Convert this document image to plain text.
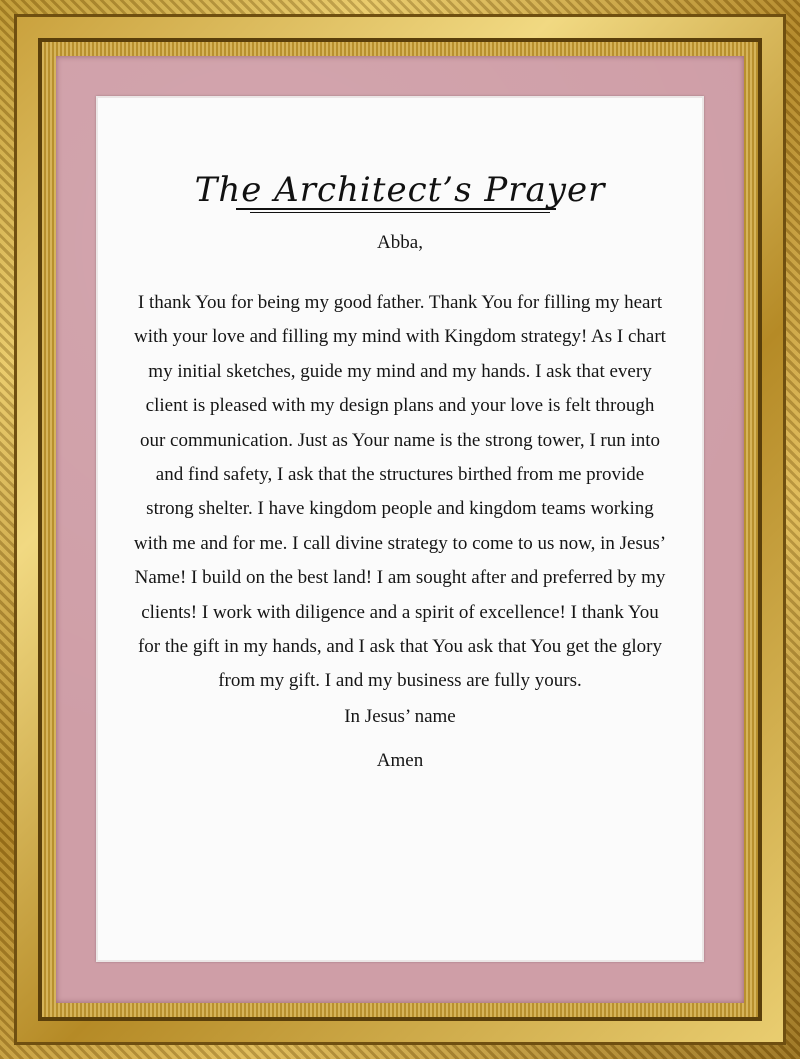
The Architect’s Prayer
Abba,
I thank You for being my good father. Thank You for filling my heart
with your love and filling my mind with Kingdom strategy! As I chart
my initial sketches, guide my mind and my hands. I ask that every
client is pleased with my design plans and your love is felt through
our communication. Just as Your name is the strong tower, I run into
and find safety, I ask that the structures birthed from me provide
strong shelter. I have kingdom people and kingdom teams working
with me and for me. I call divine strategy to come to us now, in Jesus’
Name! I build on the best land! I am sought after and preferred by my
clients! I work with diligence and a spirit of excellence! I thank You
for the gift in my hands, and I ask that You ask that You get the glory
from my gift. I and my business are fully yours.
In Jesus’ name
Amen
